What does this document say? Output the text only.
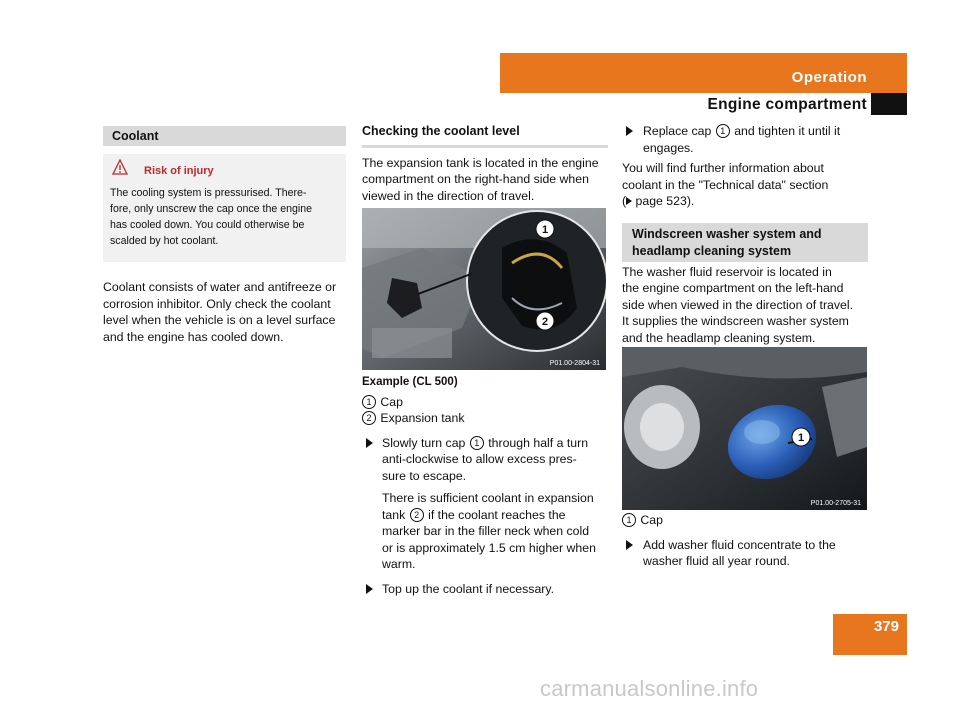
Operation
Engine compartment
Coolant
Risk of injury
The cooling system is pressurised. There-
fore, only unscrew the cap once the engine
has cooled down. You could otherwise be
scalded by hot coolant.
Coolant consists of water and antifreeze or
corrosion inhibitor. Only check the coolant
level when the vehicle is on a level surface
and the engine has cooled down.
Checking the coolant level
The expansion tank is located in the engine
compartment on the right-hand side when
viewed in the direction of travel.
1
2
P01.00-2804-31
Example (CL 500)
1 Cap
2 Expansion tank
Slowly turn cap 1 through half a turn
anti-clockwise to allow excess pres-
sure to escape.
There is sufficient coolant in expansion
tank 2 if the coolant reaches the
marker bar in the filler neck when cold
or is approximately 1.5 cm higher when
warm.
Top up the coolant if necessary.
Replace cap 1 and tighten it until it
engages.
You will find further information about
coolant in the "Technical data" section
( page 523).
Windscreen washer system and
headlamp cleaning system
The washer fluid reservoir is located in
the engine compartment on the left-hand
side when viewed in the direction of travel.
It supplies the windscreen washer system
and the headlamp cleaning system.
1
P01.00-2705-31
1 Cap
Add washer fluid concentrate to the
washer fluid all year round.
379
carmanualsonline.info
